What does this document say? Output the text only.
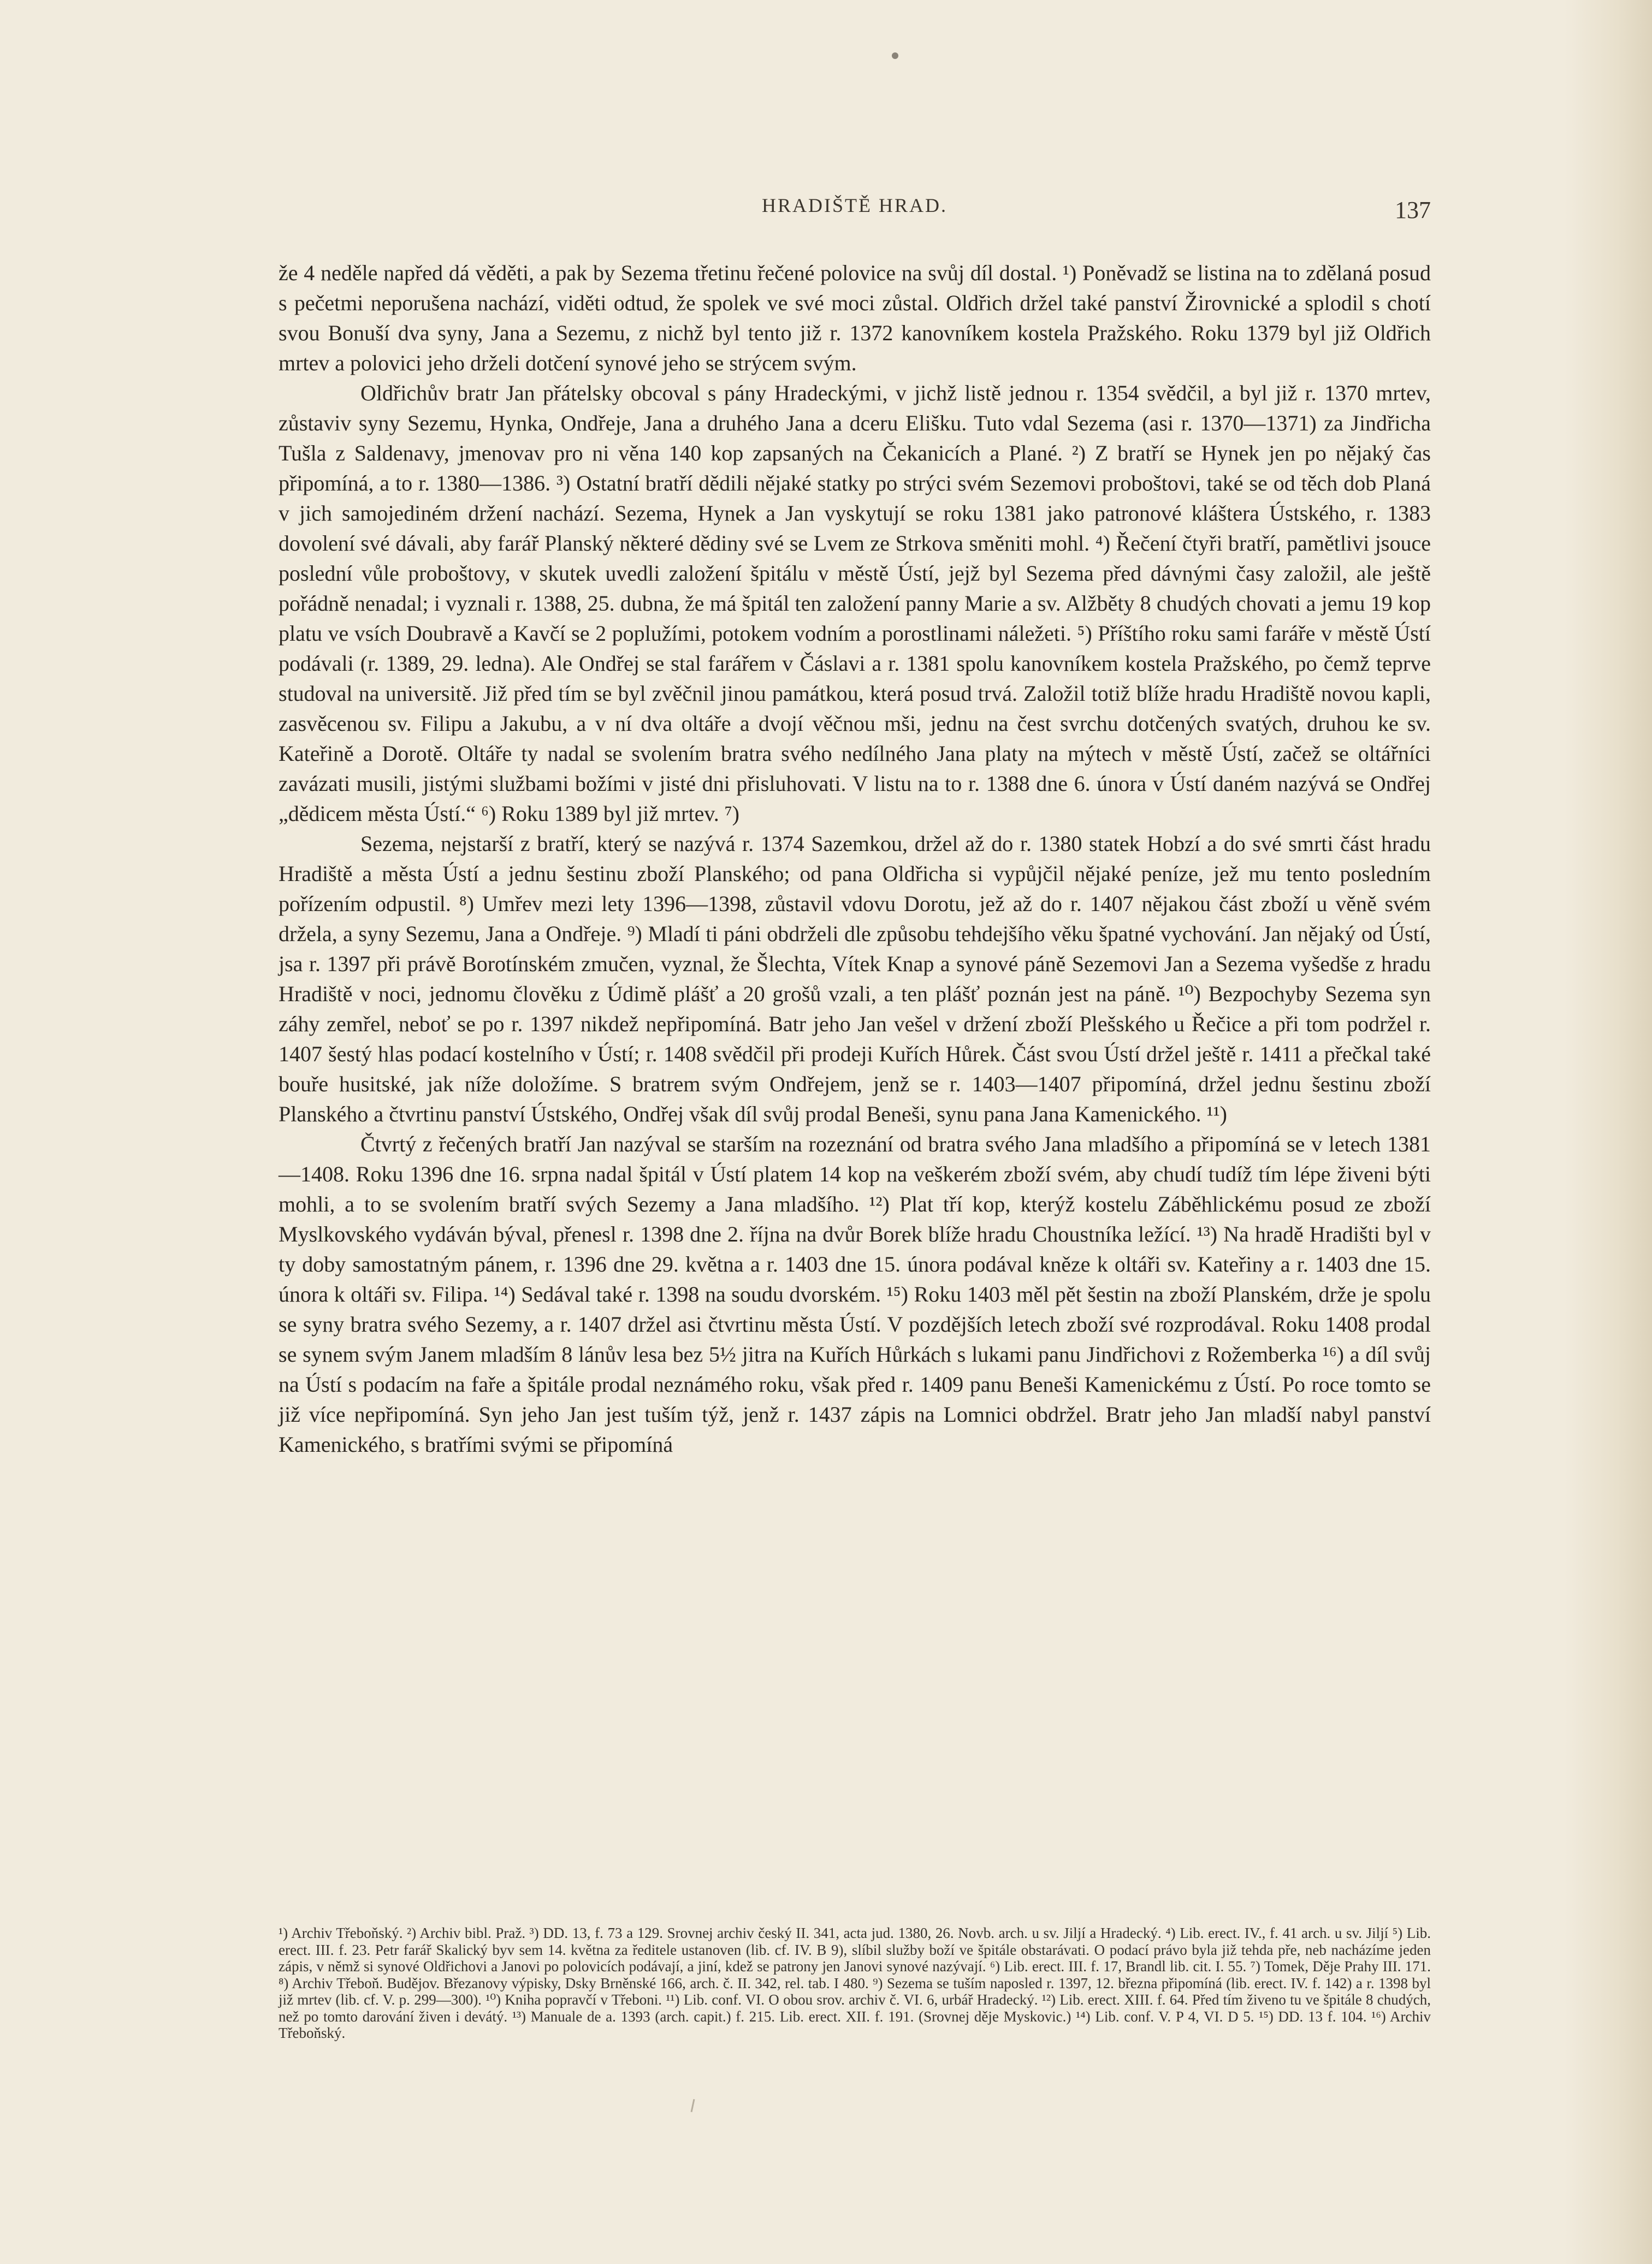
HRADIŠTĚ HRAD.	137

že 4 neděle napřed dá věděti, a pak by Sezema třetinu řečené polovice na svůj díl dostal. ¹) Poněvadž se listina na to zdělaná posud s pečetmi neporušena nachází, viděti odtud, že spolek ve své moci zůstal. Oldřich držel také panství Žirovnické a splodil s chotí svou Bonuší dva syny, Jana a Sezemu, z nichž byl tento již r. 1372 kanovníkem kostela Pražského. Roku 1379 byl již Oldřich mrtev a polovici jeho drželi dotčení synové jeho se strýcem svým.

Oldřichův bratr Jan přátelsky obcoval s pány Hradeckými, v jichž listě jednou r. 1354 svědčil, a byl již r. 1370 mrtev, zůstaviv syny Sezemu, Hynka, Ondřeje, Jana a druhého Jana a dceru Elišku. Tuto vdal Sezema (asi r. 1370—1371) za Jindřicha Tušla z Saldenavy, jmenovav pro ni věna 140 kop zapsaných na Čekanicích a Plané. ²) Z bratří se Hynek jen po nějaký čas připomíná, a to r. 1380—1386. ³) Ostatní bratří dědili nějaké statky po strýci svém Sezemovi proboštovi, také se od těch dob Planá v jich samojediném držení nachází. Sezema, Hynek a Jan vyskytují se roku 1381 jako patronové kláštera Ústského, r. 1383 dovolení své dávali, aby farář Planský některé dědiny své se Lvem ze Strkova směniti mohl. ⁴) Řečení čtyři bratří, pamětlivi jsouce poslední vůle proboštovy, v skutek uvedli založení špitálu v městě Ústí, jejž byl Sezema před dávnými časy založil, ale ještě pořádně nenadal; i vyznali r. 1388, 25. dubna, že má špitál ten založení panny Marie a sv. Alžběty 8 chudých chovati a jemu 19 kop platu ve vsích Doubravě a Kavčí se 2 poplužími, potokem vodním a porostlinami náležeti. ⁵) Příštího roku sami faráře v městě Ústí podávali (r. 1389, 29. ledna). Ale Ondřej se stal farářem v Čáslavi a r. 1381 spolu kanovníkem kostela Pražského, po čemž teprve studoval na universitě. Již před tím se byl zvěčnil jinou památkou, která posud trvá. Založil totiž blíže hradu Hradiště novou kapli, zasvěcenou sv. Filipu a Jakubu, a v ní dva oltáře a dvojí věčnou mši, jednu na čest svrchu dotčených svatých, druhou ke sv. Kateřině a Dorotě. Oltáře ty nadal se svolením bratra svého nedílného Jana platy na mýtech v městě Ústí, začež se oltářníci zavázati musili, jistými službami božími v jisté dni přisluhovati. V listu na to r. 1388 dne 6. února v Ústí daném nazývá se Ondřej „dědicem města Ústí.“ ⁶) Roku 1389 byl již mrtev. ⁷)

Sezema, nejstarší z bratří, který se nazývá r. 1374 Sazemkou, držel až do r. 1380 statek Hobzí a do své smrti část hradu Hradiště a města Ústí a jednu šestinu zboží Planského; od pana Oldřicha si vypůjčil nějaké peníze, jež mu tento posledním pořízením odpustil. ⁸) Umřev mezi lety 1396—1398, zůstavil vdovu Dorotu, jež až do r. 1407 nějakou část zboží u věně svém držela, a syny Sezemu, Jana a Ondřeje. ⁹) Mladí ti páni obdrželi dle způsobu tehdejšího věku špatné vychování. Jan nějaký od Ústí, jsa r. 1397 při právě Borotínském zmučen, vyznal, že Šlechta, Vítek Knap a synové páně Sezemovi Jan a Sezema vyšedše z hradu Hradiště v noci, jednomu člověku z Údimě plášť a 20 grošů vzali, a ten plášť poznán jest na páně. ¹⁰) Bezpochyby Sezema syn záhy zemřel, neboť se po r. 1397 nikdež nepřipomíná. Batr jeho Jan vešel v držení zboží Plešského u Řečice a při tom podržel r. 1407 šestý hlas podací kostelního v Ústí; r. 1408 svědčil při prodeji Kuřích Hůrek. Část svou Ústí držel ještě r. 1411 a přečkal také bouře husitské, jak níže doložíme. S bratrem svým Ondřejem, jenž se r. 1403—1407 připomíná, držel jednu šestinu zboží Planského a čtvrtinu panství Ústského, Ondřej však díl svůj prodal Beneši, synu pana Jana Kamenického. ¹¹)

Čtvrtý z řečených bratří Jan nazýval se starším na rozeznání od bratra svého Jana mladšího a připomíná se v letech 1381—1408. Roku 1396 dne 16. srpna nadal špitál v Ústí platem 14 kop na veškerém zboží svém, aby chudí tudíž tím lépe živeni býti mohli, a to se svolením bratří svých Sezemy a Jana mladšího. ¹²) Plat tří kop, kterýž kostelu Záběhlickému posud ze zboží Myslkovského vydáván býval, přenesl r. 1398 dne 2. října na dvůr Borek blíže hradu Choustníka ležící. ¹³) Na hradě Hradišti byl v ty doby samostatným pánem, r. 1396 dne 29. května a r. 1403 dne 15. února podával kněze k oltáři sv. Kateřiny a r. 1403 dne 15. února k oltáři sv. Filipa. ¹⁴) Sedával také r. 1398 na soudu dvorském. ¹⁵) Roku 1403 měl pět šestin na zboží Planském, drže je spolu se syny bratra svého Sezemy, a r. 1407 držel asi čtvrtinu města Ústí. V pozdějších letech zboží své rozprodával. Roku 1408 prodal se synem svým Janem mladším 8 lánův lesa bez 5½ jitra na Kuřích Hůrkách s lukami panu Jindřichovi z Rožemberka ¹⁶) a díl svůj na Ústí s podacím na faře a špitále prodal neznámého roku, však před r. 1409 panu Beneši Kamenickému z Ústí. Po roce tomto se již více nepřipomíná. Syn jeho Jan jest tuším týž, jenž r. 1437 zápis na Lomnici obdržel. Bratr jeho Jan mladší nabyl panství Kamenického, s bratřími svými se připomíná

¹) Archiv Třeboňský. ²) Archiv bibl. Praž. ³) DD. 13, f. 73 a 129. Srovnej archiv český II. 341, acta jud. 1380, 26. Novb. arch. u sv. Jiljí a Hradecký. ⁴) Lib. erect. IV., f. 41 arch. u sv. Jiljí ⁵) Lib. erect. III. f. 23. Petr farář Skalický byv sem 14. května za ředitele ustanoven (lib. cf. IV. B 9), slíbil služby boží ve špitále obstarávati. O podací právo byla již tehda pře, neb nacházíme jeden zápis, v němž si synové Oldřichovi a Janovi po polovicích podávají, a jiní, kdež se patrony jen Janovi synové nazývají. ⁶) Lib. erect. III. f. 17, Brandl lib. cit. I. 55. ⁷) Tomek, Děje Prahy III. 171. ⁸) Archiv Třeboň. Budějov. Březanovy výpisky, Dsky Brněnské 166, arch. č. II. 342, rel. tab. I 480. ⁹) Sezema se tuším naposled r. 1397, 12. března připomíná (lib. erect. IV. f. 142) a r. 1398 byl již mrtev (lib. cf. V. p. 299—300). ¹⁰) Kniha popravčí v Třeboni. ¹¹) Lib. conf. VI. O obou srov. archiv č. VI. 6, urbář Hradecký. ¹²) Lib. erect. XIII. f. 64. Před tím živeno tu ve špitále 8 chudých, než po tomto darování živen i devátý. ¹³) Manuale de a. 1393 (arch. capit.) f. 215. Lib. erect. XII. f. 191. (Srovnej děje Myskovic.) ¹⁴) Lib. conf. V. P 4, VI. D 5. ¹⁵) DD. 13 f. 104. ¹⁶) Archiv Třeboňský.
